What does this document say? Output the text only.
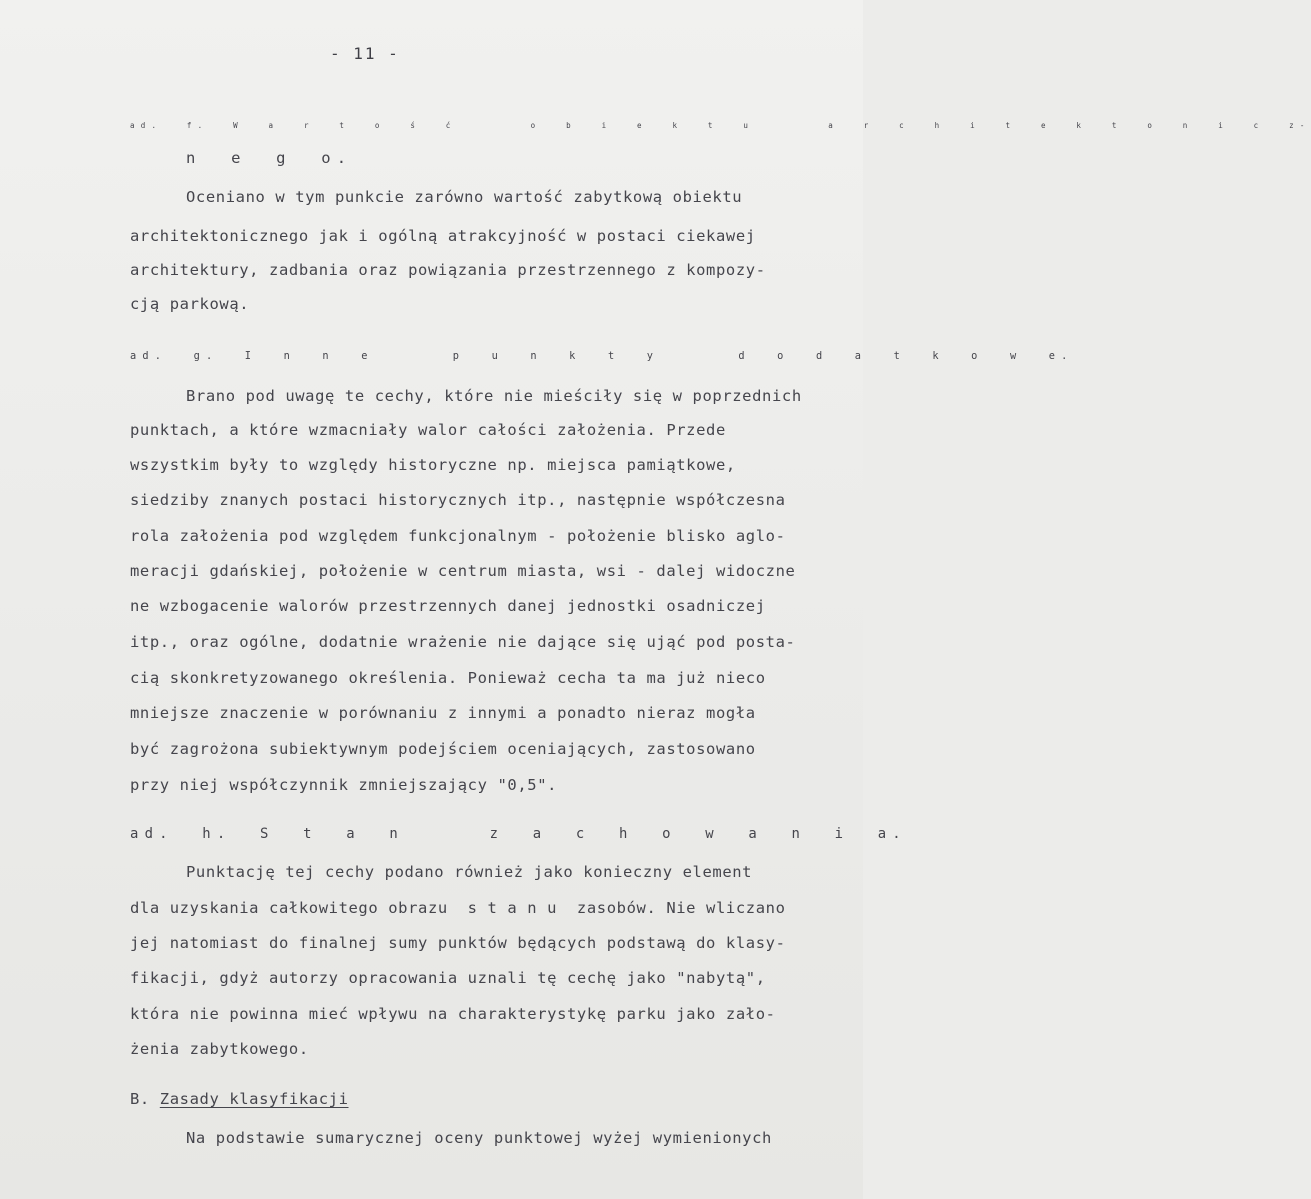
- 11 -
ad. f. W a r t o ś ć   o b i e k t u   a r c h i t e k t o n i c z-
n e g o.
Oceniano w tym punkcie zarówno wartość zabytkową obiektu
architektonicznego jak i ogólną atrakcyjność w postaci ciekawej
architektury, zadbania oraz powiązania przestrzennego z kompozy-
cją parkową.
ad. g. I n n e   p u n k t y   d o d a t k o w e.
Brano pod uwagę te cechy, które nie mieściły się w poprzednich
punktach, a które wzmacniały walor całości założenia. Przede
wszystkim były to względy historyczne np. miejsca pamiątkowe,
siedziby znanych postaci historycznych itp., następnie współczesna
rola założenia pod względem funkcjonalnym - położenie blisko aglo-
meracji gdańskiej, położenie w centrum miasta, wsi - dalej widoczne
ne wzbogacenie walorów przestrzennych danej jednostki osadniczej
itp., oraz ogólne, dodatnie wrażenie nie dające się ująć pod posta-
cią skonkretyzowanego określenia. Ponieważ cecha ta ma już nieco
mniejsze znaczenie w porównaniu z innymi a ponadto nieraz mogła
być zagrożona subiektywnym podejściem oceniających, zastosowano
przy niej współczynnik zmniejszający "0,5".
ad. h. S t a n   z a c h o w a n i a.
Punktację tej cechy podano również jako konieczny element
dla uzyskania całkowitego obrazu  s t a n u  zasobów. Nie wliczano
jej natomiast do finalnej sumy punktów będących podstawą do klasy-
fikacji, gdyż autorzy opracowania uznali tę cechę jako "nabytą",
która nie powinna mieć wpływu na charakterystykę parku jako zało-
żenia zabytkowego.
B. Zasady klasyfikacji
Na podstawie sumarycznej oceny punktowej wyżej wymienionych
